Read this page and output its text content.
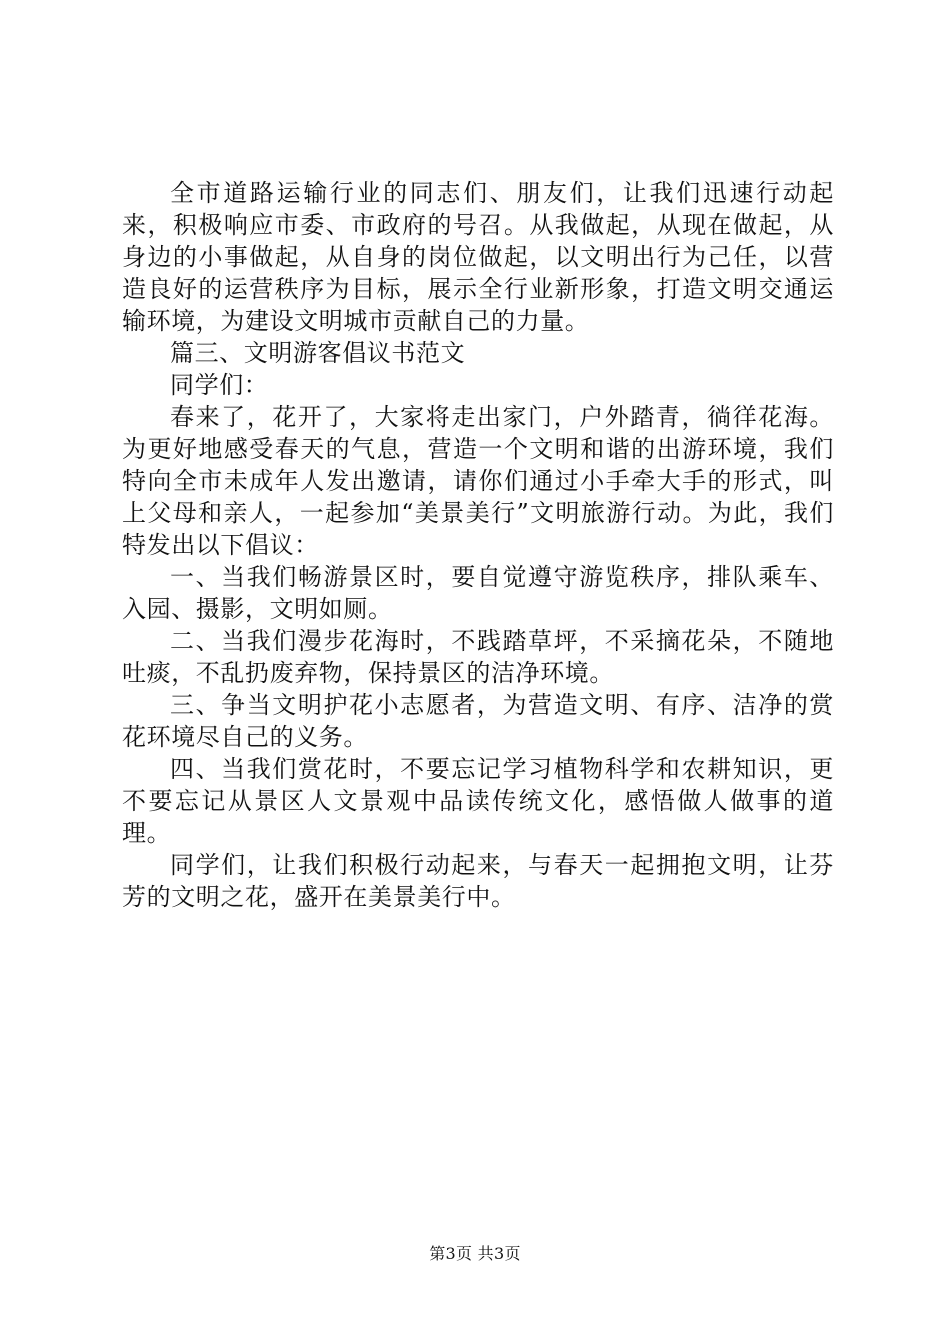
全市道路运输行业的同志们、朋友们，让我们迅速行动起来，积极响应市委、市政府的号召。从我做起，从现在做起，从身边的小事做起，从自身的岗位做起，以文明出行为己任，以营造良好的运营秩序为目标，展示全行业新形象，打造文明交通运输环境，为建设文明城市贡献自己的力量。

篇三、文明游客倡议书范文

同学们：

春来了，花开了，大家将走出家门，户外踏青，徜徉花海。为更好地感受春天的气息，营造一个文明和谐的出游环境，我们特向全市未成年人发出邀请，请你们通过小手牵大手的形式，叫上父母和亲人，一起参加“美景美行”文明旅游行动。为此，我们特发出以下倡议：

一、当我们畅游景区时，要自觉遵守游览秩序，排队乘车、入园、摄影，文明如厕。

二、当我们漫步花海时，不践踏草坪，不采摘花朵，不随地吐痰，不乱扔废弃物，保持景区的洁净环境。

三、争当文明护花小志愿者，为营造文明、有序、洁净的赏花环境尽自己的义务。

四、当我们赏花时，不要忘记学习植物科学和农耕知识，更不要忘记从景区人文景观中品读传统文化，感悟做人做事的道理。

同学们，让我们积极行动起来，与春天一起拥抱文明，让芬芳的文明之花，盛开在美景美行中。

第3页 共3页
